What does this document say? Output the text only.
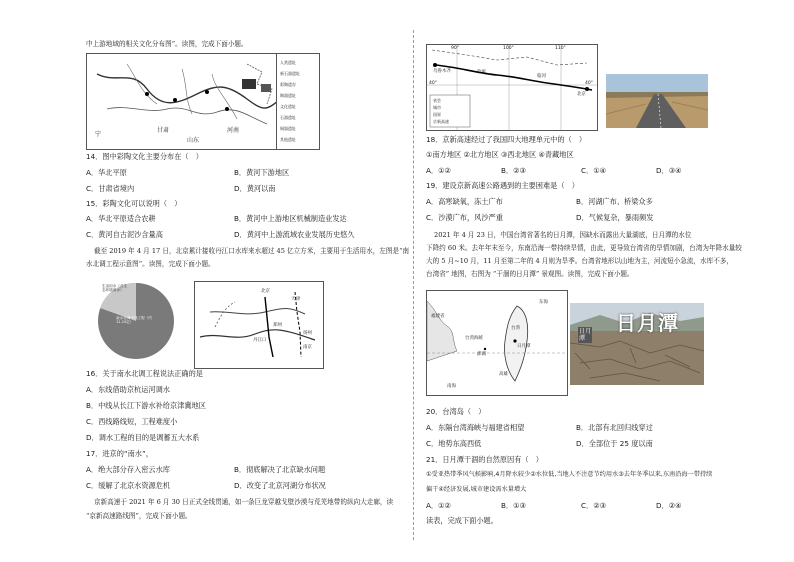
中上游地域的相关文化分布图”。读图，完成下面小题。
宁
甘肃	河南
山东
人类遗址
新石器遗址
彩陶遗存
陶器遗址
文化遗址
石器遗址
铜器遗址
其他遗址
14．图中彩陶文化主要分布在（　）
A．华北平原	B．黄河下游地区
C．甘肃省境内	D．黄河以南
15．彩陶文化可以说明（　）
A．华北平原适合农耕	B．黄河中上游地区机械制造业发达
C．黄河自古泥沙含量高	D．黄河中上游流域农业发展历史悠久
截至 2019 年 4 月 17 日，北京累计接收丹江口水库来水超过 45 亿立方米，主要用于生活用水，左图是“南
水北调工程示意图”。读图，完成下面小题。
生活用水（含生态环境用水）
南水北调中线工程（约 11.15亿）
北京
天津
郑州
丹江口
南京
扬州
16．关于南水北调工程说法正确的是
A．东线借助京杭运河调水
B．中线从长江下游水补给京津冀地区
C．西线路线短，工程难度小
D．调水工程的目的是调蓄五大水系
17．进京的“南水”，
A．绝大部分存入密云水库	B．彻底解决了北京缺水问题
C．缓解了北京水资源危机	D．改变了北京河湖分布状况
京新高速于 2021 年 6 月 30 日正式全线贯通，如一条巨龙穿越戈壁沙漠与荒芜地带的纵向大走廊，读
“京新高速路线图”，完成下面小题。
90°	100°	110°
乌鲁木齐	哈密
临河
北京
40°
40°
省会
城市
国界
京新高速
18．京新高速经过了我国四大地理单元中的（　）
①南方地区 ②北方地区 ③西北地区 ④青藏地区
A．①②	B．②③	C．①④	D．③④
19．建设京新高速公路遇到的主要困难是（　）
A．高寒缺氧，冻土广布	B．河湖广布、桥梁众多
C．沙漠广布，风沙严重	D．气候复杂，暴雨频发
2021 年 4 月 23 日，中国台湾省著名的日月潭，因缺水而露出大量湖底，日月潭的水位
下降约 60 米。去年年末至今，东南沿海一带持续旱情，由此，更导致台湾省的旱情加剧，台湾为年降水量较
大的 5 月~10 月，11 月至第二年的 4 月则为旱季。台湾省地形以山地为主，河流短小急流，水库不多，
台湾省” 地图，右图为 “干涸的日月潭” 景观图。读图，完成下面小题。
福建省
台湾海峡
台湾
日月潭
澎湖
高雄
东海
南海
日月潭
日月潭
20．台湾岛（　）
A．东隔台湾海峡与福建省相望	B．北部有北回归线穿过
C．地势东高西低	D．全部位于 25 度以南
21．日月潭干涸的自然原因有（　）
①受亚热带季风气候影响,4月降水较少②水位低,当地人不注意节约用水③去年冬季以来,东南沿海一带持续
偏干④经济发展,城市建设需水量增大
A．①②	B．①③	C．②③	D．②④
读表，完成下面小题。
